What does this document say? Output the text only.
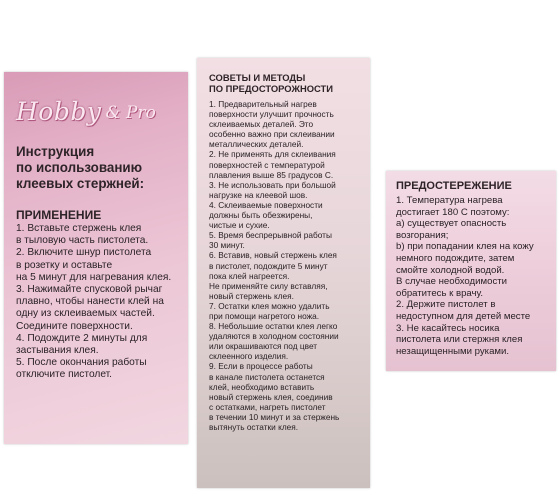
Hobby & Pro
Инструкция
по использованию
клеевых стержней:
ПРИМЕНЕНИЕ
1. Вставьте стержень клея
в тыловую часть пистолета.
2. Включите шнур пистолета
в розетку и оставьте
на 5 минут для нагревания клея.
3. Нажимайте спусковой рычаг
плавно, чтобы нанести клей на
одну из склеиваемых частей.
Соедините поверхности.
4. Подождите 2 минуты для
застывания клея.
5. После окончания работы
отключите пистолет.
СОВЕТЫ И МЕТОДЫ
ПО ПРЕДОСТОРОЖНОСТИ
1. Предварительный нагрев
поверхности улучшит прочность
склеиваемых деталей. Это
особенно важно при склеивании
металлических деталей.
2. Не применять для склеивания
поверхностей с температурой
плавления выше 85 градусов С.
3. Не использовать при большой
нагрузке на клеевой шов.
4. Склеиваемые поверхности
должны быть обезжирены,
чистые и сухие.
5. Время беспрерывной работы
30 минут.
6. Вставив, новый стержень клея
в пистолет, подождите 5 минут
пока клей нагреется.
Не применяйте силу вставляя,
новый стержень клея.
7. Остатки клея можно удалить
при помощи нагретого ножа.
8. Небольшие остатки клея легко
удаляются в холодном состоянии
или окрашиваются под цвет
склеенного изделия.
9. Если в процессе работы
в канале пистолета останется
клей, необходимо вставить
новый стержень клея, соединив
с остатками, нагреть пистолет
в течении 10 минут и за стержень
вытянуть остатки клея.
ПРЕДОСТЕРЕЖЕНИЕ
1. Температура нагрева
достигает 180 С поэтому:
a) существует опасность
возгорания;
b) при попадании клея на кожу
немного подождите, затем
смойте холодной водой.
В случае необходимости
обратитесь к врачу.
2. Держите пистолет в
недоступном для детей месте
3. Не касайтесь носика
пистолета или стержня клея
незащищенными руками.
